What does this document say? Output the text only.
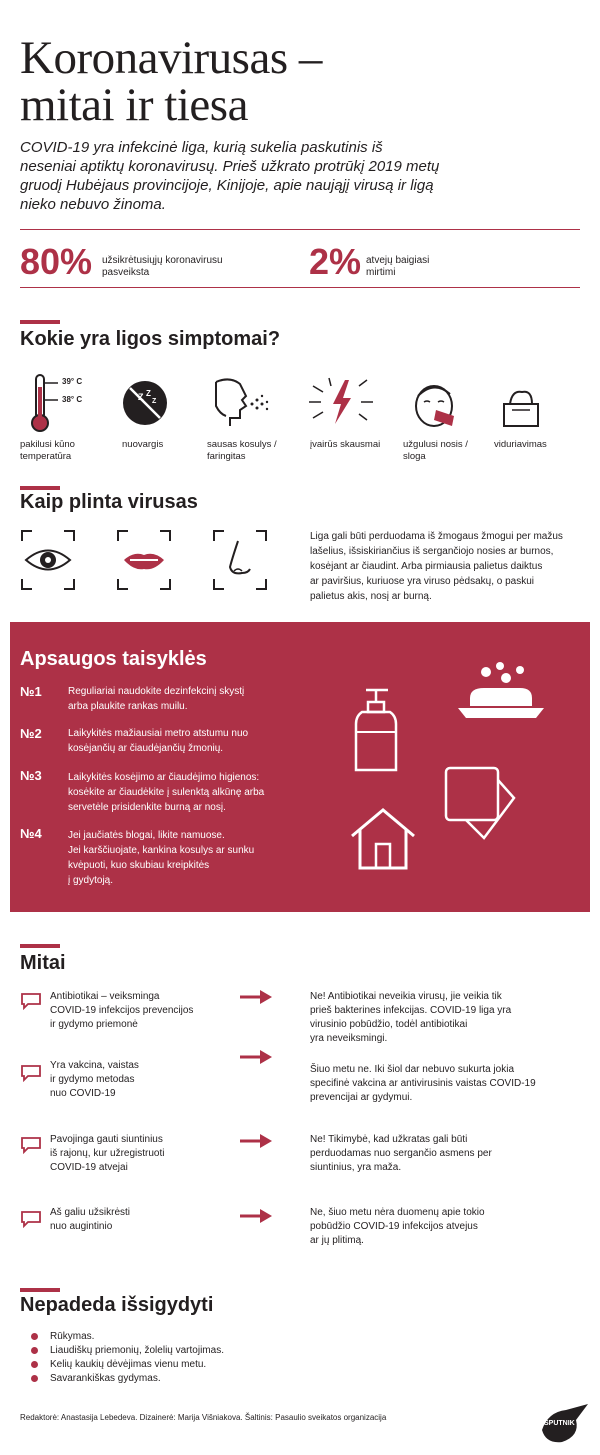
Koronavirusas –
mitai ir tiesa
COVID-19 yra infekcinė liga, kurią sukelia paskutinis iš neseniai aptiktų koronavirusų. Prieš užkrato protrūkį 2019 metų gruodį Hubėjaus provincijoje, Kinijoje, apie naująjį virusą ir ligą nieko nebuvo žinoma.
80% užsikrėtusiųjų koronavirusu
pasveiksta	2% atvejų baigiasi
mirtimi
Kokie yra ligos simptomai?
39° C
38° C	Z Z
Z
pakilusi kūno
temperatūra
nuovargis	sausas kosulys /
faringitas
įvairūs skausmai	užgulusi nosis /
sloga
viduriavimas
Kaip plinta virusas
Liga gali būti perduodama iš žmogaus žmogui per mažus
lašelius, išsiskiriančius iš sergančiojo nosies ar burnos,
kosėjant ar čiaudint. Arba pirmiausia palietus daiktus
ar paviršius, kuriuose yra viruso pėdsakų, o paskui
palietus akis, nosį ar burną.
Apsaugos taisyklės
№1	Reguliariai naudokite dezinfekcinį skystį
arba plaukite rankas muilu.
№2	Laikykitės mažiausiai metro atstumu nuo
kosėjančių ar čiaudėjančių žmonių.
№3	Laikykitės kosėjimo ar čiaudėjimo higienos:
kosėkite ar čiaudėkite į sulenktą alkūnę arba
servetėle prisidenkite burną ar nosį.
№4	Jei jaučiatės blogai, likite namuose.
Jei karščiuojate, kankina kosulys ar sunku
kvėpuoti, kuo skubiau kreipkitės
į gydytoją.
Mitai
Antibiotikai – veiksminga
COVID-19 infekcijos prevencijos
ir gydymo priemonė
Ne! Antibiotikai neveikia virusų, jie veikia tik
prieš bakterines infekcijas. COVID-19 liga yra
virusinio pobūdžio, todėl antibiotikai
yra neveiksmingi.
Yra vakcina, vaistas
ir gydymo metodas
nuo COVID-19
Šiuo metu ne. Iki šiol dar nebuvo sukurta jokia
specifinė vakcina ar antivirusinis vaistas COVID-19
prevencijai ar gydymui.
Pavojinga gauti siuntinius
iš rajonų, kur užregistruoti
COVID-19 atvejai
Ne! Tikimybė, kad užkratas gali būti
perduodamas nuo sergančio asmens per
siuntinius, yra maža.
Aš galiu užsikrėsti
nuo augintinio
Ne, šiuo metu nėra duomenų apie tokio
pobūdžio COVID-19 infekcijos atvejus
ar jų plitimą.
Nepadeda išsigydyti
Rūkymas.
Liaudiškų priemonių, žolelių vartojimas.
Kelių kaukių dėvėjimas vienu metu.
Savarankiškas gydymas.
Redaktorė: Anastasija Lebedeva. Dizainerė: Marija Višniakova. Šaltinis: Pasaulio sveikatos organizacija
SPUTNIK
